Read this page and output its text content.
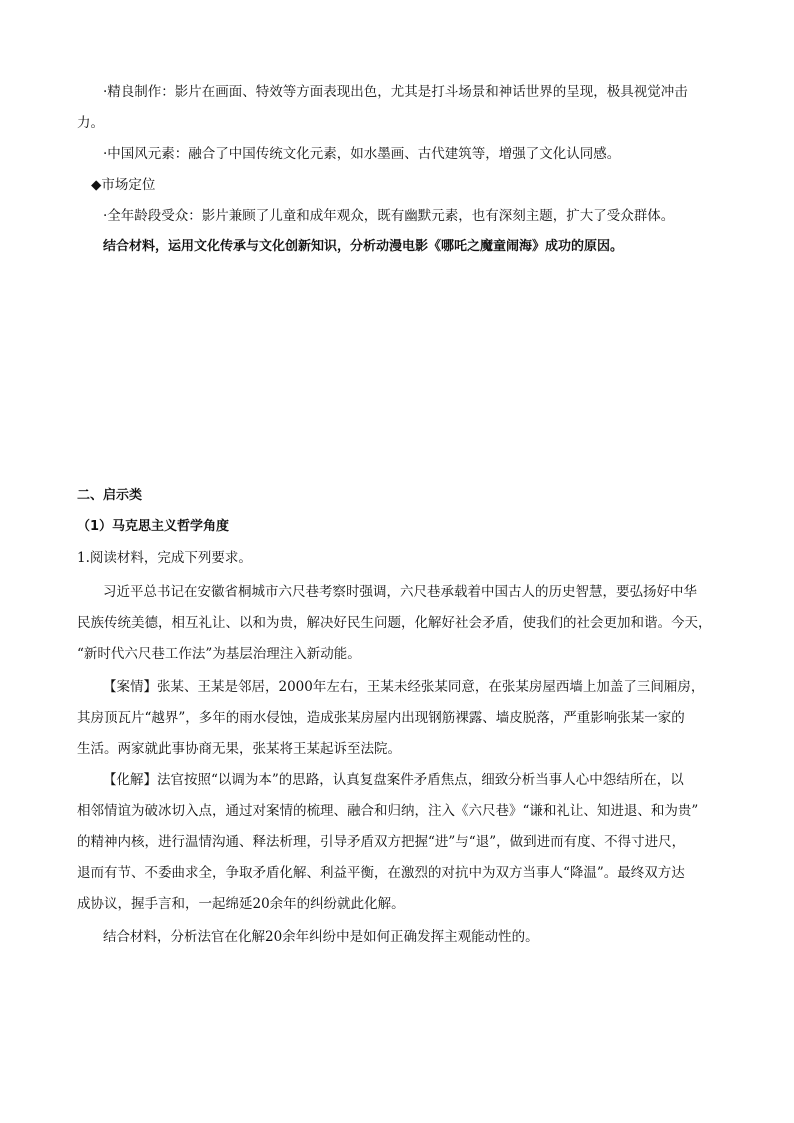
·精良制作：影片在画面、特效等方面表现出色，尤其是打斗场景和神话世界的呈现，极具视觉冲击
力。
·中国风元素：融合了中国传统文化元素，如水墨画、古代建筑等，增强了文化认同感。
◆市场定位
·全年龄段受众：影片兼顾了儿童和成年观众，既有幽默元素，也有深刻主题，扩大了受众群体。
结合材料，运用文化传承与文化创新知识，分析动漫电影《哪吒之魔童闹海》成功的原因。
二、启示类
（1）马克思主义哲学角度
1.阅读材料，完成下列要求。
习近平总书记在安徽省桐城市六尺巷考察时强调，六尺巷承载着中国古人的历史智慧，要弘扬好中华
民族传统美德，相互礼让、以和为贵，解决好民生问题，化解好社会矛盾，使我们的社会更加和谐。今天，
“新时代六尺巷工作法”为基层治理注入新动能。
【案情】张某、王某是邻居，2000年左右，王某未经张某同意，在张某房屋西墙上加盖了三间厢房，
其房顶瓦片“越界”，多年的雨水侵蚀，造成张某房屋内出现钢筋裸露、墙皮脱落，严重影响张某一家的
生活。两家就此事协商无果，张某将王某起诉至法院。
【化解】法官按照“以调为本”的思路，认真复盘案件矛盾焦点，细致分析当事人心中怨结所在，以
相邻情谊为破冰切入点，通过对案情的梳理、融合和归纳，注入《六尺巷》“谦和礼让、知进退、和为贵”
的精神内核，进行温情沟通、释法析理，引导矛盾双方把握“进”与“退”，做到进而有度、不得寸进尺，
退而有节、不委曲求全，争取矛盾化解、利益平衡，在激烈的对抗中为双方当事人“降温”。最终双方达
成协议，握手言和，一起绵延20余年的纠纷就此化解。
结合材料，分析法官在化解20余年纠纷中是如何正确发挥主观能动性的。
